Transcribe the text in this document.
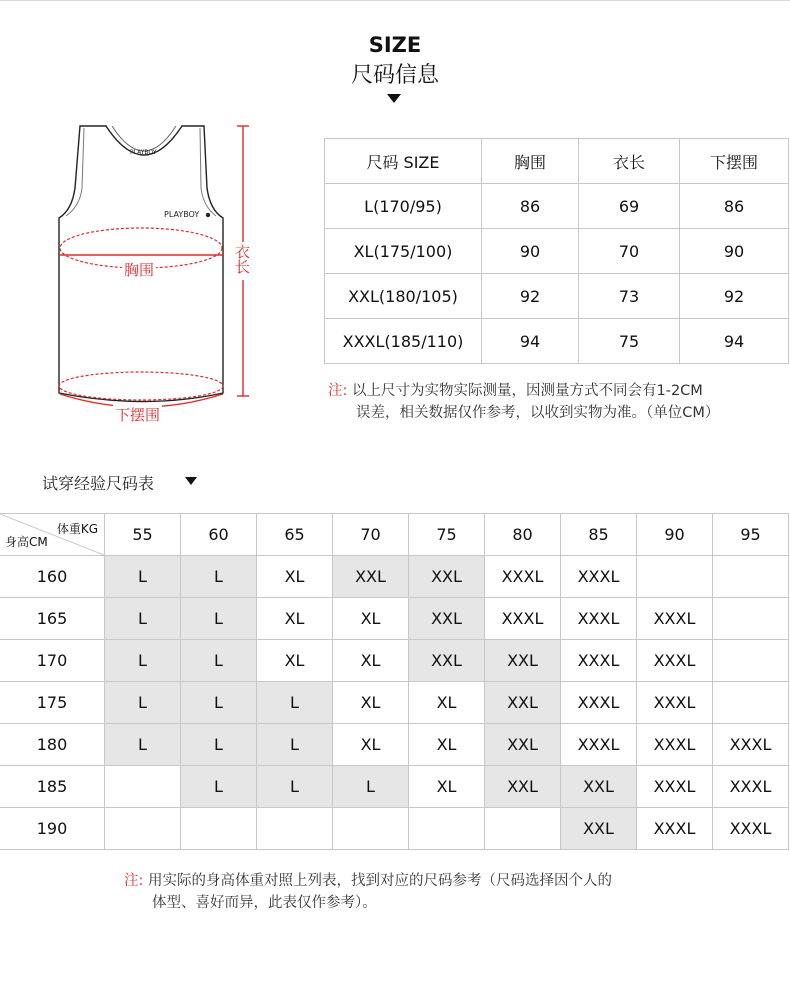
SIZE
尺码信息
PLAYBOY
PLAYBOY
胸围	衣长
下摆围
尺码 SIZE	胸围	衣长	下摆围
L(170/95)	86	69	86
XL(175/100)	90	70	90
XXL(180/105)	92	73	92
XXXL(185/110)	94	75	94
注: 以上尺寸为实物实际测量，因测量方式不同会有1-2CM
误差，相关数据仅作参考，以收到实物为准。（单位CM）
试穿经验尺码表
体重KG
身高CM	55	60	65	70	75	80	85	90	95
160	L	L	XL	XXL	XXL	XXXL	XXXL		
165	L	L	XL	XL	XXL	XXXL	XXXL	XXXL	
170	L	L	XL	XL	XXL	XXL	XXXL	XXXL	
175	L	L	L	XL	XL	XXL	XXXL	XXXL	
180	L	L	L	XL	XL	XXL	XXXL	XXXL	XXXL
185		L	L	L	XL	XXL	XXL	XXXL	XXXL
190							XXL	XXXL	XXXL
注: 用实际的身高体重对照上列表，找到对应的尺码参考（尺码选择因个人的
体型、喜好而异，此表仅作参考）。
